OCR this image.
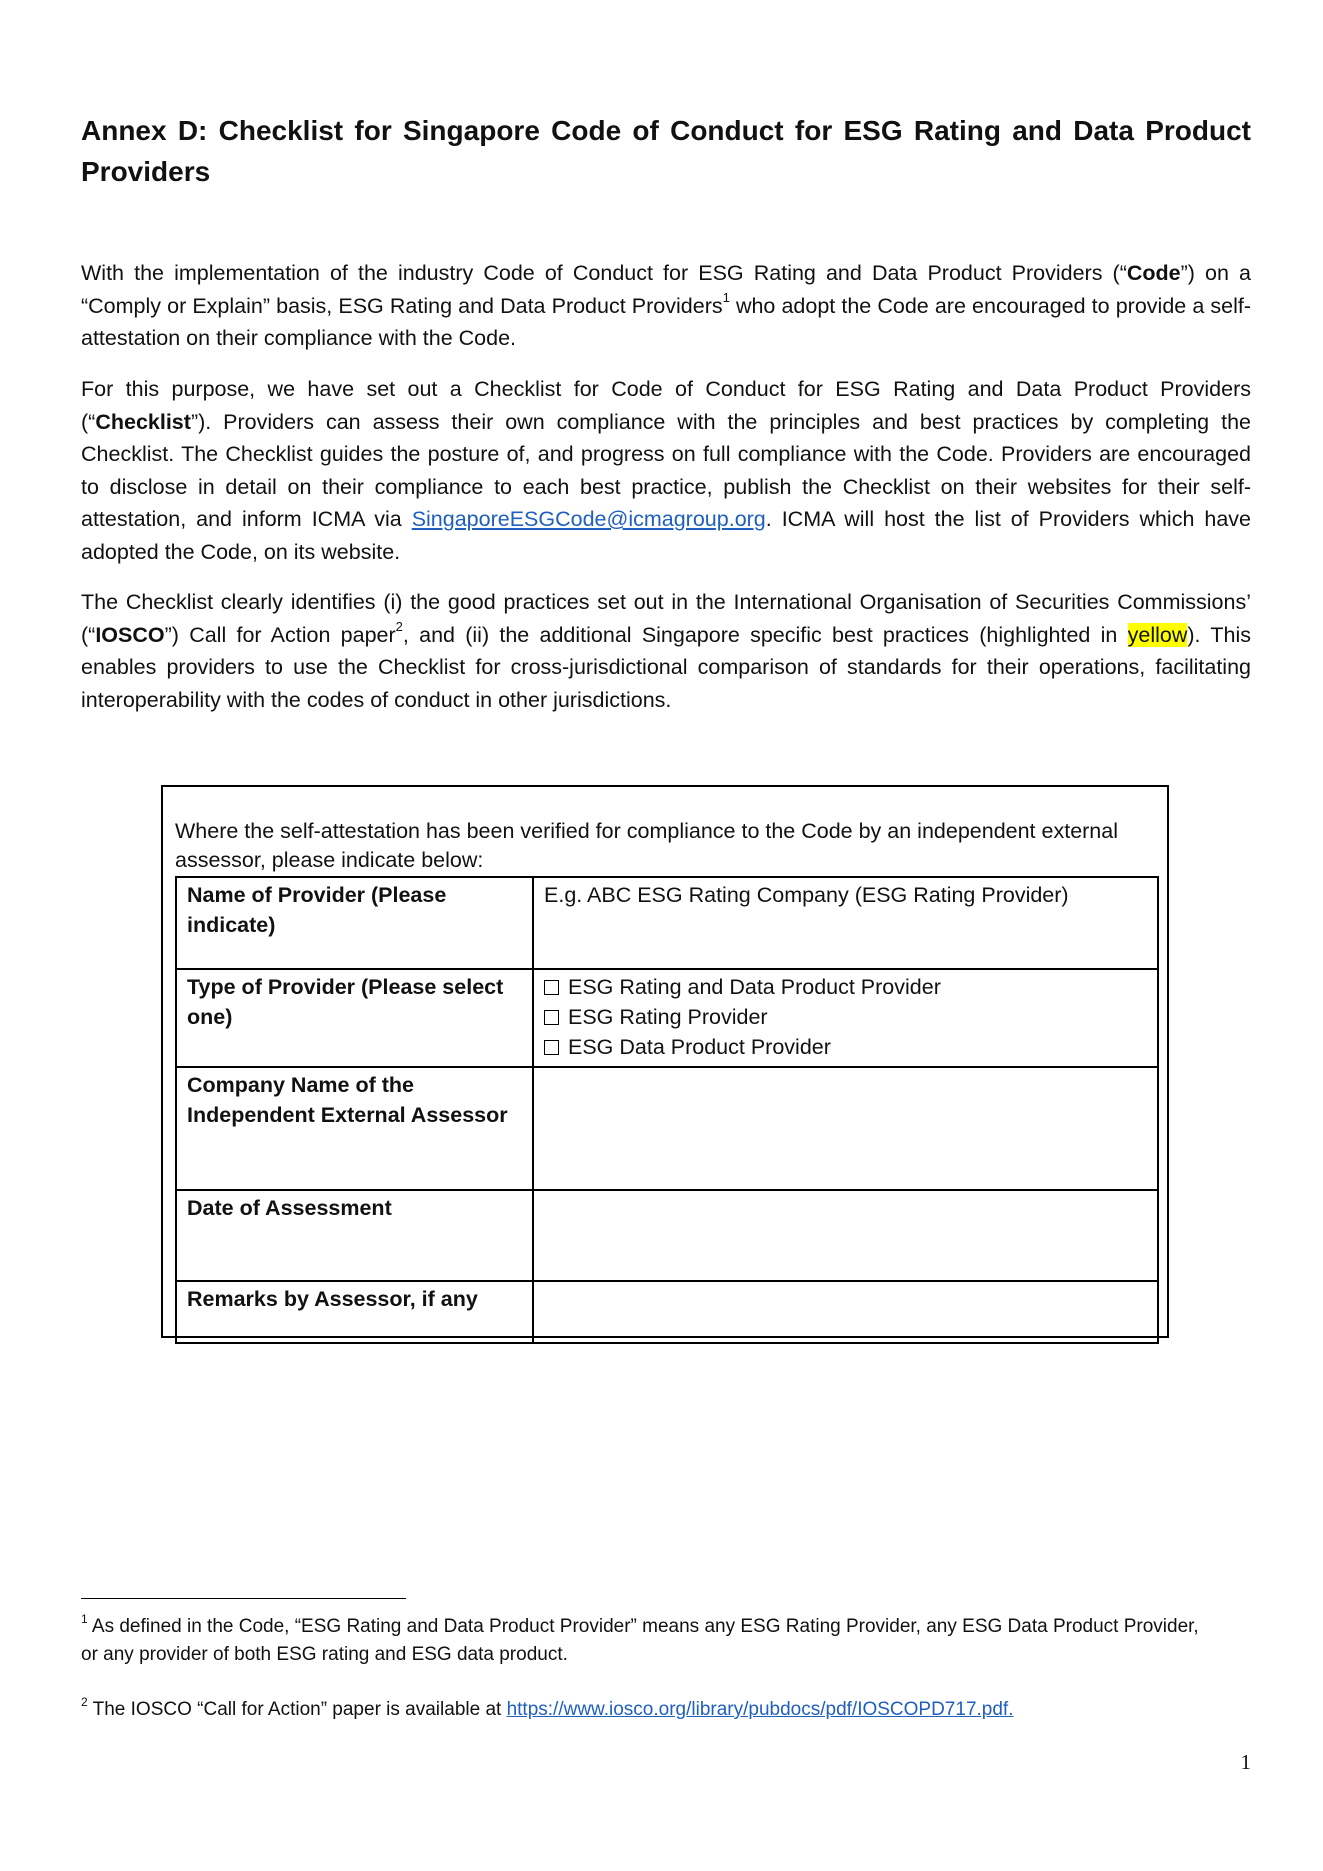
Annex D: Checklist for Singapore Code of Conduct for ESG Rating and Data Product Providers

With the implementation of the industry Code of Conduct for ESG Rating and Data Product Providers (“Code”) on a “Comply or Explain” basis, ESG Rating and Data Product Providers$^1$ who adopt the Code are encouraged to provide a self-attestation on their compliance with the Code.

For this purpose, we have set out a Checklist for Code of Conduct for ESG Rating and Data Product Providers (“Checklist”). Providers can assess their own compliance with the principles and best practices by completing the Checklist. The Checklist guides the posture of, and progress on full compliance with the Code. Providers are encouraged to disclose in detail on their compliance to each best practice, publish the Checklist on their websites for their self-attestation, and inform ICMA via SingaporeESGCode@icmagroup.org. ICMA will host the list of Providers which have adopted the Code, on its website.

The Checklist clearly identifies (i) the good practices set out in the International Organisation of Securities Commissions’ (“IOSCO”) Call for Action paper$^2$, and (ii) the additional Singapore specific best practices (highlighted in yellow). This enables providers to use the Checklist for cross-jurisdictional comparison of standards for their operations, facilitating interoperability with the codes of conduct in other jurisdictions.

Where the self-attestation has been verified for compliance to the Code by an independent external assessor, please indicate below:

Name of Provider (Please indicate)	E.g. ABC ESG Rating Company (ESG Rating Provider)
Type of Provider (Please select one)	ESG Rating and Data Product Provider
ESG Rating Provider
ESG Data Product Provider

Company Name of the Independent External Assessor	
Date of Assessment	
Remarks by Assessor, if any	

$^1$ As defined in the Code, “ESG Rating and Data Product Provider” means any ESG Rating Provider, any ESG Data Product Provider, or any provider of both ESG rating and ESG data product.

$^2$ The IOSCO “Call for Action” paper is available at https://www.iosco.org/library/pubdocs/pdf/IOSCOPD717.pdf.

1
